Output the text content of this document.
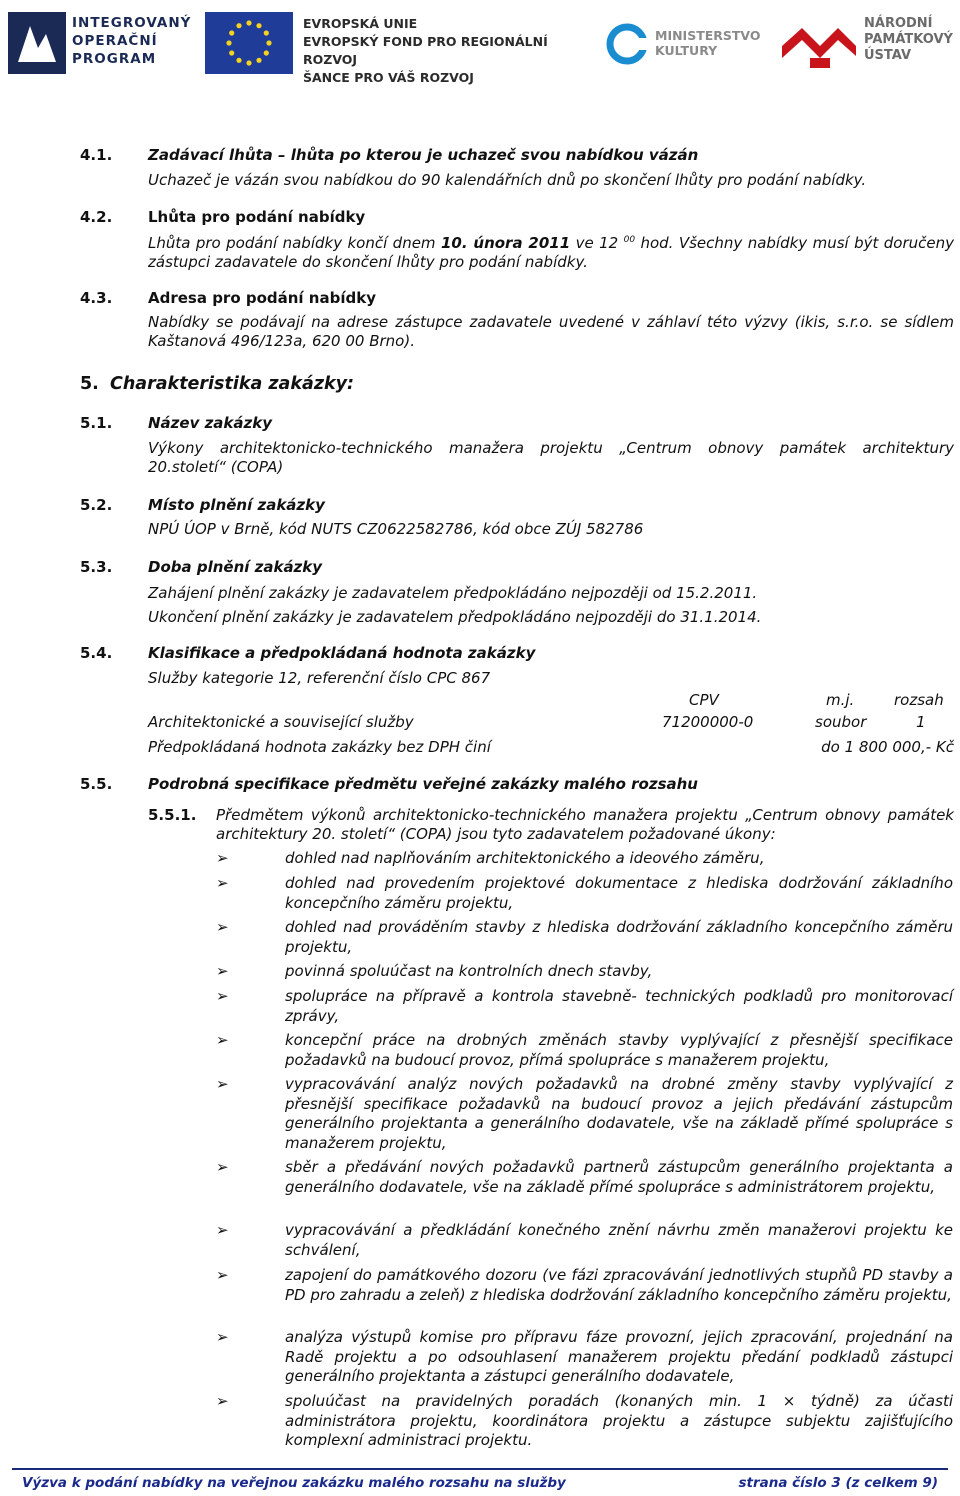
INTEGROVANÝ
OPERAČNÍ
PROGRAM
EVROPSKÁ UNIE
EVROPSKÝ FOND PRO REGIONÁLNÍ ROZVOJ
ŠANCE PRO VÁŠ ROZVOJ
MINISTERSTVO
KULTURY
NÁRODNÍ
PAMÁTKOVÝ
ÚSTAV
4.1. Zadávací lhůta – lhůta po kterou je uchazeč svou nabídkou vázán
Uchazeč je vázán svou nabídkou do 90 kalendářních dnů po skončení lhůty pro podání nabídky.
4.2. Lhůta pro podání nabídky
Lhůta pro podání nabídky končí dnem 10. února 2011 ve 12 $^{00}$ hod. Všechny nabídky musí být doručeny zástupci zadavatele do skončení lhůty pro podání nabídky.
4.3. Adresa pro podání nabídky
Nabídky se podávají na adrese zástupce zadavatele uvedené v záhlaví této výzvy (ikis, s.r.o. se sídlem Kaštanová 496/123a, 620 00 Brno).
5. Charakteristika zakázky:
5.1. Název zakázky
Výkony architektonicko-technického manažera projektu „Centrum obnovy památek architektury 20.století“ (COPA)
5.2. Místo plnění zakázky
NPÚ ÚOP v Brně, kód NUTS CZ0622582786, kód obce ZÚJ 582786
5.3. Doba plnění zakázky
Zahájení plnění zakázky je zadavatelem předpokládáno nejpozději od 15.2.2011.
Ukončení plnění zakázky je zadavatelem předpokládáno nejpozději do 31.1.2014.
5.4. Klasifikace a předpokládaná hodnota zakázky
Služby kategorie 12, referenční číslo CPC 867
CPV	m.j.	rozsah
Architektonické a související služby	71200000-0	soubor	1
Předpokládaná hodnota zakázky bez DPH činí	do 1 800 000,- Kč
5.5. Podrobná specifikace předmětu veřejné zakázky malého rozsahu
5.5.1. Předmětem výkonů architektonicko-technického manažera projektu „Centrum obnovy památek architektury 20. století“ (COPA) jsou tyto zadavatelem požadované úkony:
➢	dohled nad naplňováním architektonického a ideového záměru,
➢	dohled nad provedením projektové dokumentace z hlediska dodržování základního koncepčního záměru projektu,
➢	dohled nad prováděním stavby z hlediska dodržování základního koncepčního záměru projektu,
➢	povinná spoluúčast na kontrolních dnech stavby,
➢	spolupráce na přípravě a kontrola stavebně- technických podkladů pro monitorovací zprávy,
➢	koncepční práce na drobných změnách stavby vyplývající z přesnější specifikace požadavků na budoucí provoz, přímá spolupráce s manažerem projektu,
➢	vypracovávání analýz nových požadavků na drobné změny stavby vyplývající z přesnější specifikace požadavků na budoucí provoz a jejich předávání zástupcům generálního projektanta a generálního dodavatele, vše na základě přímé spolupráce s manažerem projektu,
➢	sběr a předávání nových požadavků partnerů zástupcům generálního projektanta a generálního dodavatele, vše na základě přímé spolupráce s administrátorem projektu,
➢	vypracovávání a předkládání konečného znění návrhu změn manažerovi projektu ke schválení,
➢	zapojení do památkového dozoru (ve fázi zpracovávání jednotlivých stupňů PD stavby a PD pro zahradu a zeleň) z hlediska dodržování základního koncepčního záměru projektu,
➢	analýza výstupů komise pro přípravu fáze provozní, jejich zpracování, projednání na Radě projektu a po odsouhlasení manažerem projektu předání podkladů zástupci generálního projektanta a zástupci generálního dodavatele,
➢	spoluúčast na pravidelných poradách (konaných min. 1 × týdně) za účasti administrátora projektu, koordinátora projektu a zástupce subjektu zajišťujícího komplexní administraci projektu.
Výzva k podání nabídky na veřejnou zakázku malého rozsahu na služby	strana číslo 3 (z celkem 9)
